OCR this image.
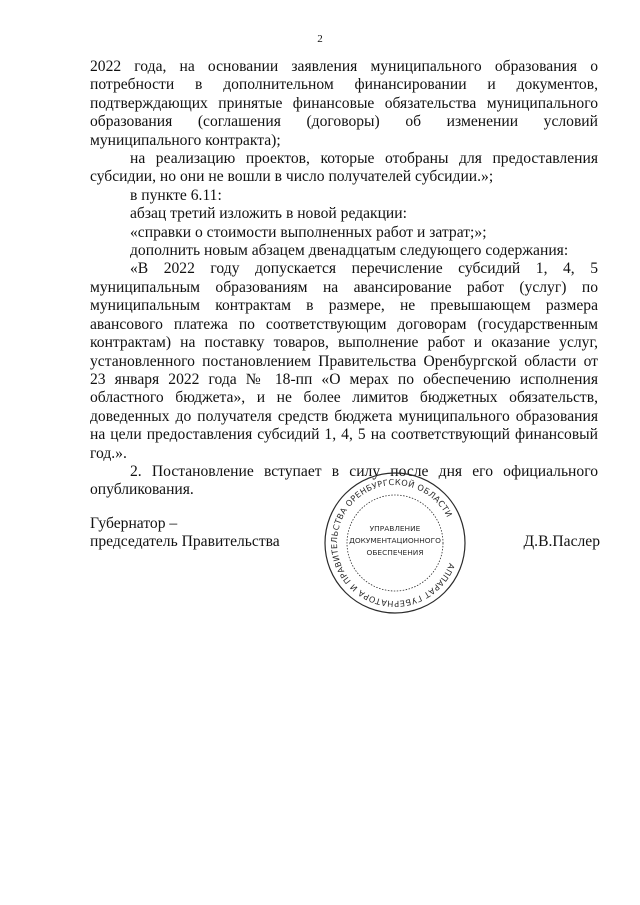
2

2022 года, на основании заявления муниципального образования о потребности в дополнительном финансировании и документов, подтверждающих принятые финансовые обязательства муниципального образования (соглашения (договоры) об изменении условий муниципального контракта);

на реализацию проектов, которые отобраны для предоставления субсидии, но они не вошли в число получателей субсидии.»;

в пункте 6.11:

абзац третий изложить в новой редакции:

«справки о стоимости выполненных работ и затрат;»;

дополнить новым абзацем двенадцатым следующего содержания:

«В 2022 году допускается перечисление субсидий 1, 4, 5 муниципальным образованиям на авансирование работ (услуг) по муниципальным контрактам в размере, не превышающем размера авансового платежа по соответствующим договорам (государственным контрактам) на поставку товаров, выполнение работ и оказание услуг, установленного постановлением Правительства Оренбургской области от 23 января 2022 года № 18-пп «О мерах по обеспечению исполнения областного бюджета», и не более лимитов бюджетных обязательств, доведенных до получателя средств бюджета муниципального образования на цели предоставления субсидий 1, 4, 5 на соответствующий финансовый год.».

2. Постановление вступает в силу после дня его официального опубликования.

Губернатор –
председатель Правительства	Д.В.Паслер
АППАРАТ ГУБЕРНАТОРА И ПРАВИТЕЛЬСТВА ОРЕНБУРГСКОЙ ОБЛАСТИ
УПРАВЛЕНИЕ
ДОКУМЕНТАЦИОННОГО
ОБЕСПЕЧЕНИЯ
